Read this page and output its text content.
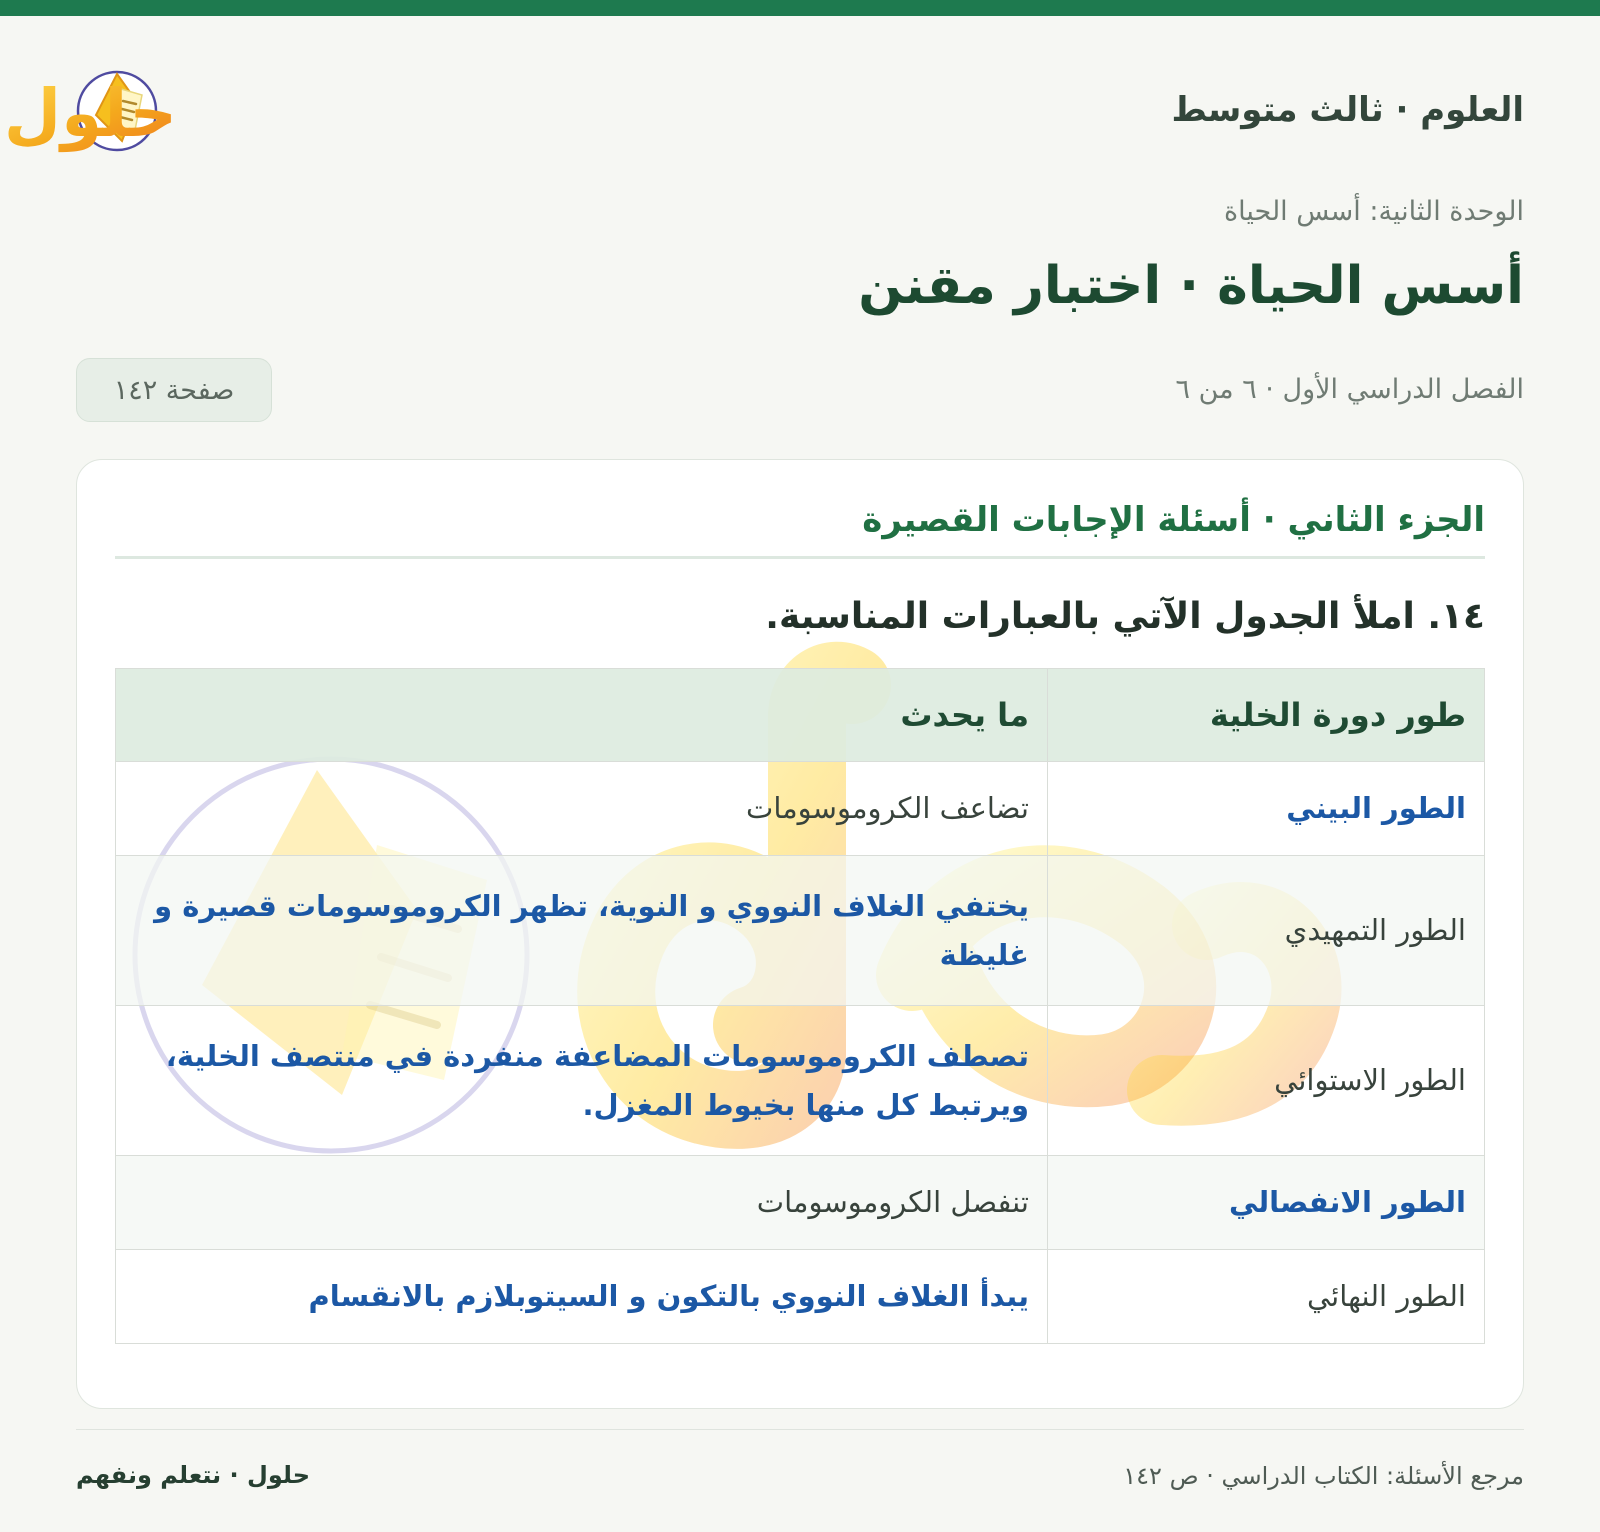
العلوم · ثالث متوسط
حلول
الوحدة الثانية: أسس الحياة
أسس الحياة · اختبار مقنن
الفصل الدراسي الأول · ٦ من ٦
صفحة ١٤٢
الجزء الثاني · أسئلة الإجابات القصيرة

١٤. املأ الجدول الآتي بالعبارات المناسبة.

طور دورة الخلية	ما يحدث
الطور البيني	تضاعف الكروموسومات
الطور التمهيدي	يختفي الغلاف النووي و النوية، تظهر الكروموسومات قصيرة و غليظة
الطور الاستوائي	تصطف الكروموسومات المضاعفة منفردة في منتصف الخلية، ويرتبط كل منها بخيوط المغزل.
الطور الانفصالي	تنفصل الكروموسومات
الطور النهائي	يبدأ الغلاف النووي بالتكون و السيتوبلازم بالانقسام
مرجع الأسئلة: الكتاب الدراسي · ص ١٤٢
حلول · نتعلم ونفهم
